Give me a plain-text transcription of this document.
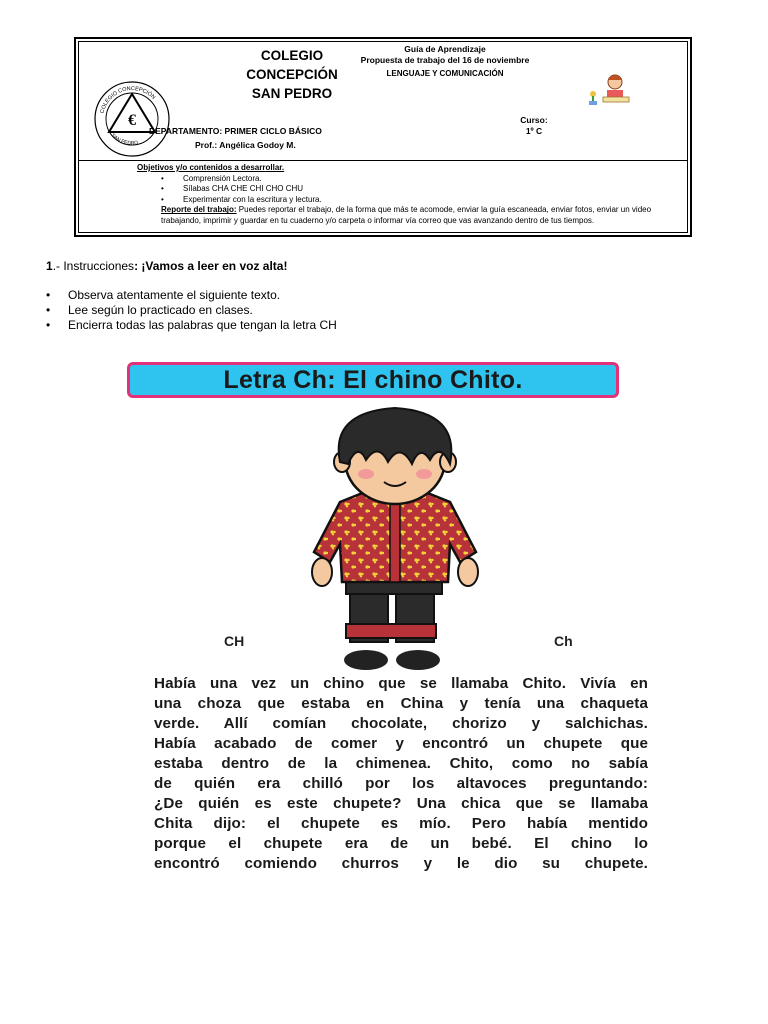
COLEGIO
CONCEPCIÓN
SAN PEDRO
€
COLEGIO CONCEPCIÓN
SAN PEDRO
Guía de Aprendizaje
Propuesta de trabajo del 16 de noviembre
LENGUAJE Y COMUNICACIÓN
Curso:
1º C
DEPARTAMENTO: PRIMER CICLO BÁSICO
Prof.: Angélica Godoy M.
Objetivos y/o contenidos a desarrollar.
• Comprensión Lectora.
• Sílabas CHA CHE CHI CHO CHU
• Experimentar con la escritura y lectura.
Reporte del trabajo: Puedes reportar el trabajo, de la forma que más te acomode, enviar la guía escaneada, enviar fotos, enviar un video trabajando, imprimir y guardar en tu cuaderno y/o carpeta o informar vía correo que vas avanzando dentro de tus tiempos.
1.- Instrucciones: ¡Vamos a leer en voz alta!
• Observa atentamente el siguiente texto.
• Lee según lo practicado en clases.
• Encierra todas las palabras que tengan la letra CH
Letra Ch: El chino Chito.
CH	Ch
Había una vez un chino que se llamaba Chito. Vivía en
una choza que estaba en China y tenía una chaqueta
verde. Allí comían chocolate, chorizo y salchichas.
Había acabado de comer y encontró un chupete que
estaba dentro de la chimenea. Chito, como no sabía
de quién era chilló por los altavoces preguntando:
¿De quién es este chupete? Una chica que se llamaba
Chita dijo: el chupete es mío. Pero había mentido
porque el chupete era de un bebé. El chino lo
encontró comiendo churros y le dio su chupete.
